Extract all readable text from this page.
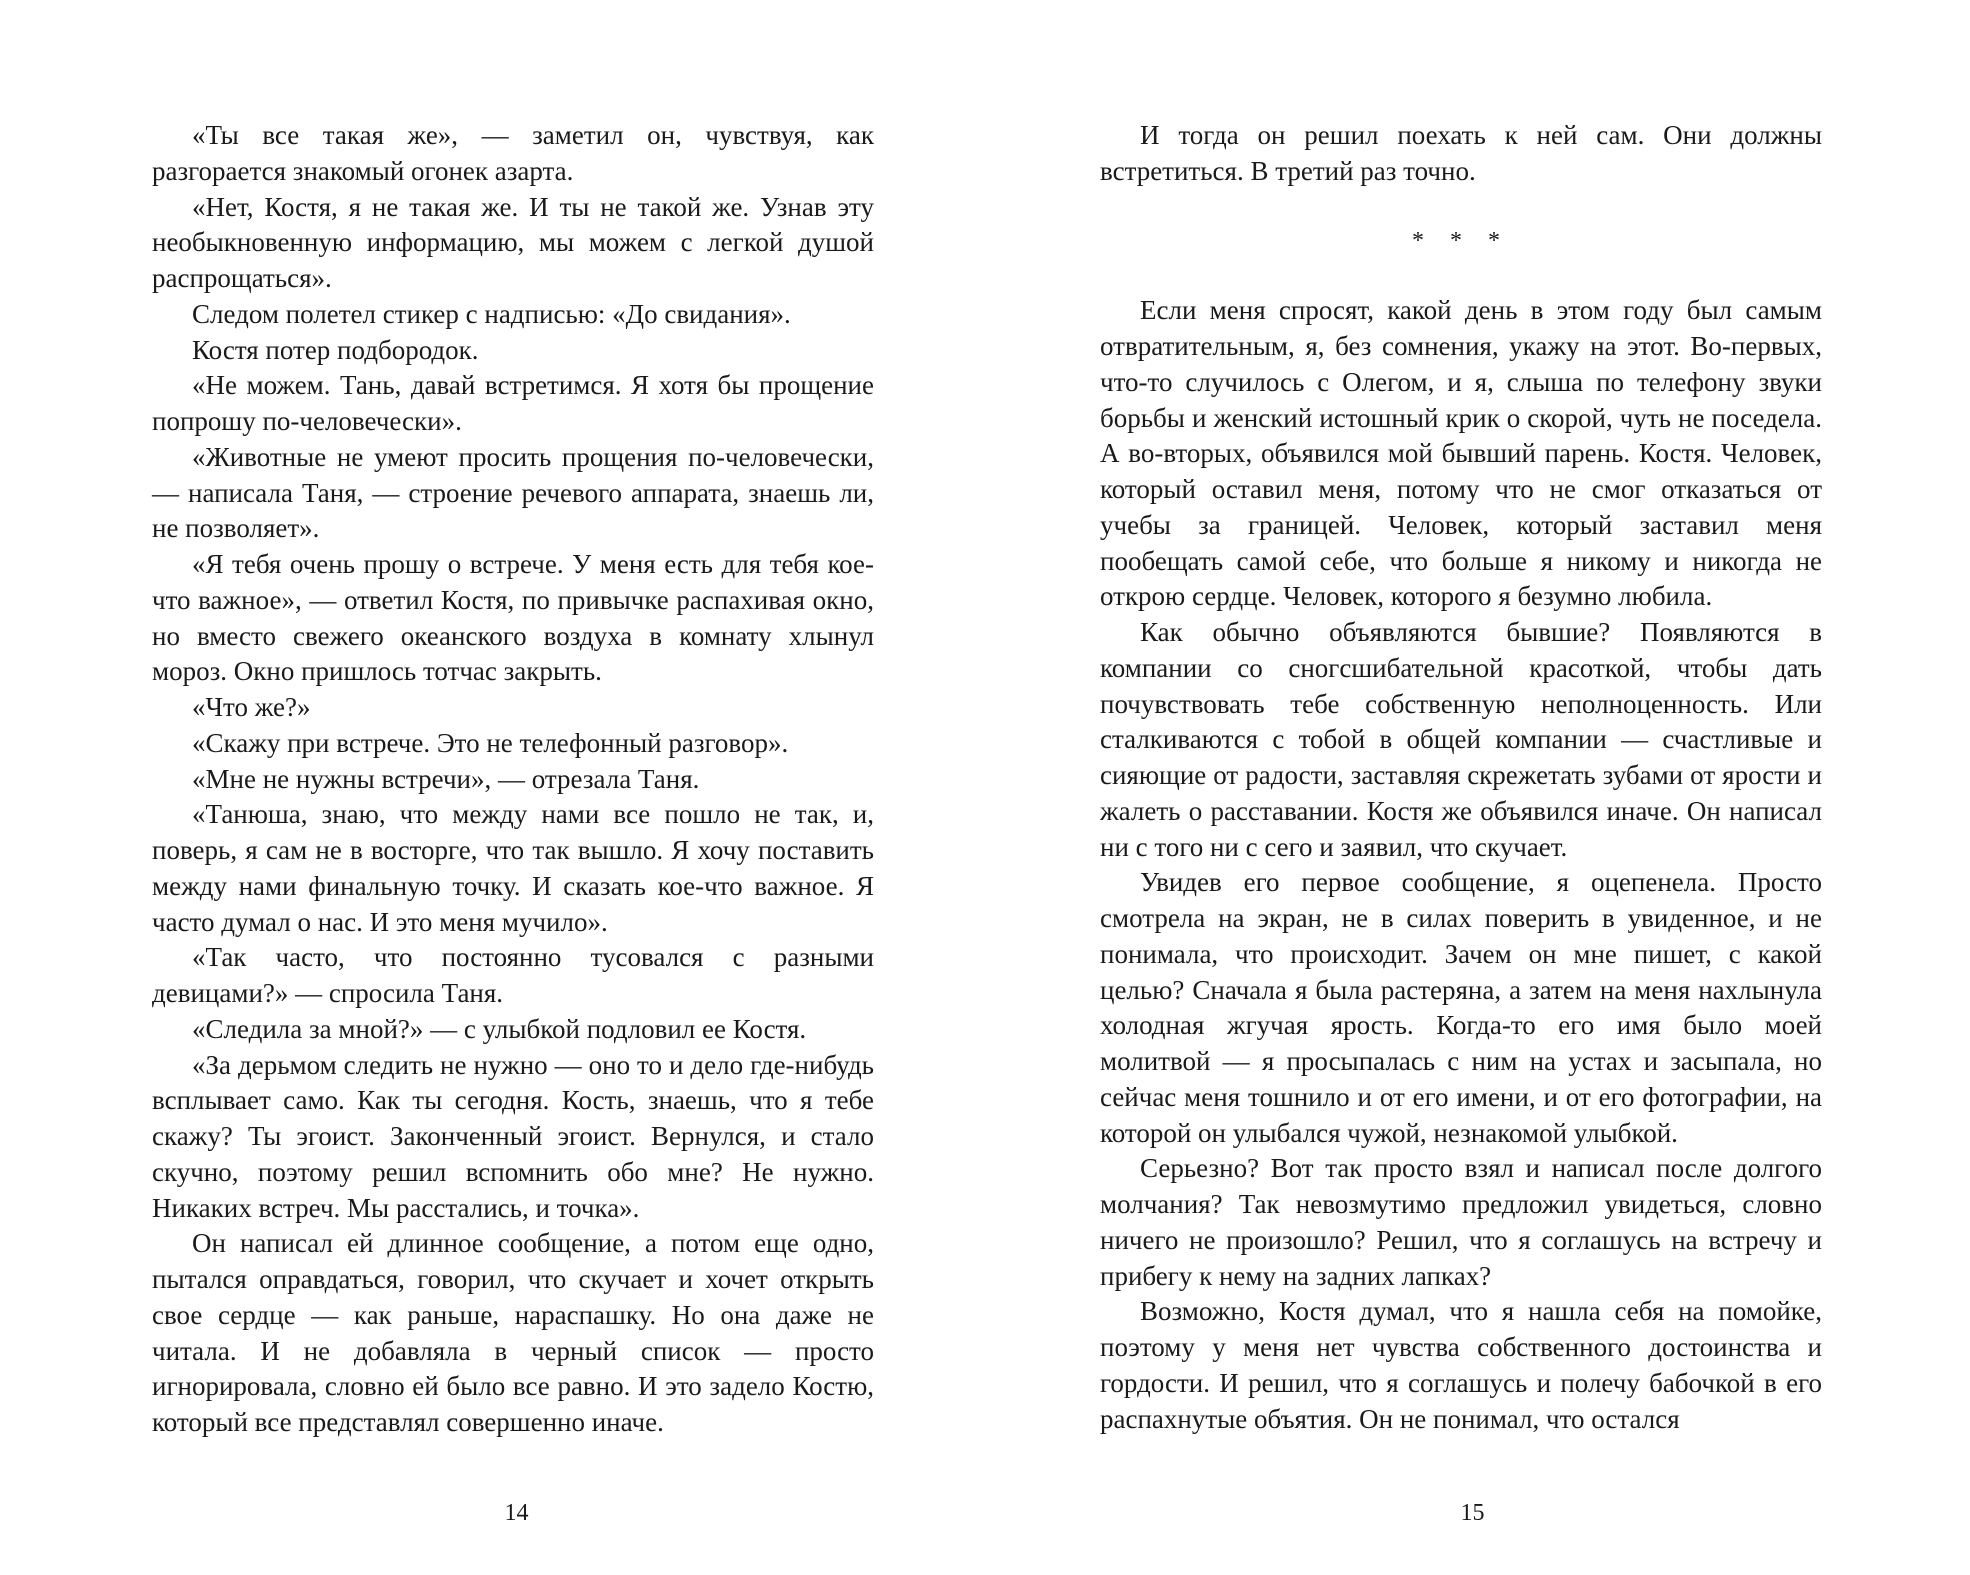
«Ты все такая же», — заметил он, чувствуя, как разгорается знакомый огонек азарта.

«Нет, Костя, я не такая же. И ты не такой же. Узнав эту необыкновенную информацию, мы можем с легкой душой распрощаться».

Следом полетел стикер с надписью: «До свидания».

Костя потер подбородок.

«Не можем. Тань, давай встретимся. Я хотя бы прощение попрошу по-человечески».

«Животные не умеют просить прощения по-человечески, — написала Таня, — строение речевого аппарата, знаешь ли, не позволяет».

«Я тебя очень прошу о встрече. У меня есть для тебя кое-что важное», — ответил Костя, по привычке распахивая окно, но вместо свежего океанского воздуха в комнату хлынул мороз. Окно пришлось тотчас закрыть.

«Что же?»

«Скажу при встрече. Это не телефонный разговор».

«Мне не нужны встречи», — отрезала Таня.

«Танюша, знаю, что между нами все пошло не так, и, поверь, я сам не в восторге, что так вышло. Я хочу поставить между нами финальную точку. И сказать кое-что важное. Я часто думал о нас. И это меня мучило».

«Так часто, что постоянно тусовался с разными девицами?» — спросила Таня.

«Следила за мной?» — с улыбкой подловил ее Костя.

«За дерьмом следить не нужно — оно то и дело где-нибудь всплывает само. Как ты сегодня. Кость, знаешь, что я тебе скажу? Ты эгоист. Законченный эгоист. Вернулся, и стало скучно, поэтому решил вспомнить обо мне? Не нужно. Никаких встреч. Мы расстались, и точка».

Он написал ей длинное сообщение, а потом еще одно, пытался оправдаться, говорил, что скучает и хочет открыть свое сердце — как раньше, нараспашку. Но она даже не читала. И не добавляла в черный список — просто игнорировала, словно ей было все равно. И это задело Костю, который все представлял совершенно иначе.

14

И тогда он решил поехать к ней сам. Они должны встретиться. В третий раз точно.

* * *

Если меня спросят, какой день в этом году был самым отвратительным, я, без сомнения, укажу на этот. Во-первых, что-то случилось с Олегом, и я, слыша по телефону звуки борьбы и женский истошный крик о скорой, чуть не поседела. А во-вторых, объявился мой бывший парень. Костя. Человек, который оставил меня, потому что не смог отказаться от учебы за границей. Человек, который заставил меня пообещать самой себе, что больше я никому и никогда не открою сердце. Человек, которого я безумно любила.

Как обычно объявляются бывшие? Появляются в компании со сногсшибательной красоткой, чтобы дать почувствовать тебе собственную неполноценность. Или сталкиваются с тобой в общей компании — счастливые и сияющие от радости, заставляя скрежетать зубами от ярости и жалеть о расставании. Костя же объявился иначе. Он написал ни с того ни с сего и заявил, что скучает.

Увидев его первое сообщение, я оцепенела. Просто смотрела на экран, не в силах поверить в увиденное, и не понимала, что происходит. Зачем он мне пишет, с какой целью? Сначала я была растеряна, а затем на меня нахлынула холодная жгучая ярость. Когда-то его имя было моей молитвой — я просыпалась с ним на устах и засыпала, но сейчас меня тошнило и от его имени, и от его фотографии, на которой он улыбался чужой, незнакомой улыбкой.

Серьезно? Вот так просто взял и написал после долгого молчания? Так невозмутимо предложил увидеться, словно ничего не произошло? Решил, что я соглашусь на встречу и прибегу к нему на задних лапках?

Возможно, Костя думал, что я нашла себя на помойке, поэтому у меня нет чувства собственного достоинства и гордости. И решил, что я соглашусь и полечу бабочкой в его распахнутые объятия. Он не понимал, что остался

15
